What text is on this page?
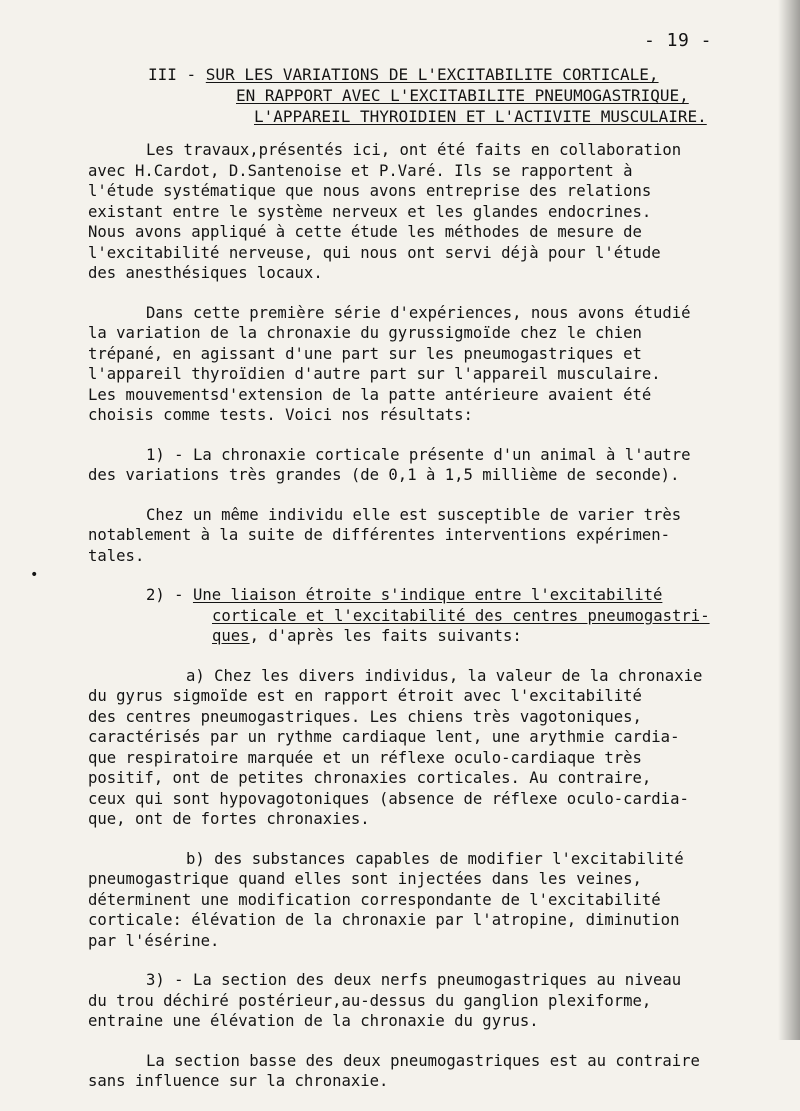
- 19 -
III - SUR LES VARIATIONS DE L'EXCITABILITE CORTICALE,
EN RAPPORT AVEC L'EXCITABILITE PNEUMOGASTRIQUE,
L'APPAREIL THYROIDIEN ET L'ACTIVITE MUSCULAIRE.
•

Les travaux,présentés ici, ont été faits en collaboration
avec H.Cardot, D.Santenoise et P.Varé. Ils se rapportent à
l'étude systématique que nous avons entreprise des relations
existant entre le système nerveux et les glandes endocrines.
Nous avons appliqué à cette étude les méthodes de mesure de
l'excitabilité nerveuse, qui nous ont servi déjà pour l'étude
des anesthésiques locaux.

Dans cette première série d'expériences, nous avons étudié
la variation de la chronaxie du gyrussigmoïde chez le chien
trépané, en agissant d'une part sur les pneumogastriques et
l'appareil thyroïdien d'autre part sur l'appareil musculaire.
Les mouvementsd'extension de la patte antérieure avaient été
choisis comme tests. Voici nos résultats:

1) - La chronaxie corticale présente d'un animal à l'autre
des variations très grandes (de 0,1 à 1,5 millième de seconde).

Chez un même individu elle est susceptible de varier très
notablement à la suite de différentes interventions expérimen-
tales.

2) - Une liaison étroite s'indique entre l'excitabilité
corticale et l'excitabilité des centres pneumogastri-
ques, d'après les faits suivants:

a) Chez les divers individus, la valeur de la chronaxie
du gyrus sigmoïde est en rapport étroit avec l'excitabilité
des centres pneumogastriques. Les chiens très vagotoniques,
caractérisés par un rythme cardiaque lent, une arythmie cardia-
que respiratoire marquée et un réflexe oculo-cardiaque très
positif, ont de petites chronaxies corticales. Au contraire,
ceux qui sont hypovagotoniques (absence de réflexe oculo-cardia-
que, ont de fortes chronaxies.

b) des substances capables de modifier l'excitabilité
pneumogastrique quand elles sont injectées dans les veines,
déterminent une modification correspondante de l'excitabilité
corticale: élévation de la chronaxie par l'atropine, diminution
par l'ésérine.

3) - La section des deux nerfs pneumogastriques au niveau
du trou déchiré postérieur,au-dessus du ganglion plexiforme,
entraine une élévation de la chronaxie du gyrus.

La section basse des deux pneumogastriques est au contraire
sans influence sur la chronaxie.
